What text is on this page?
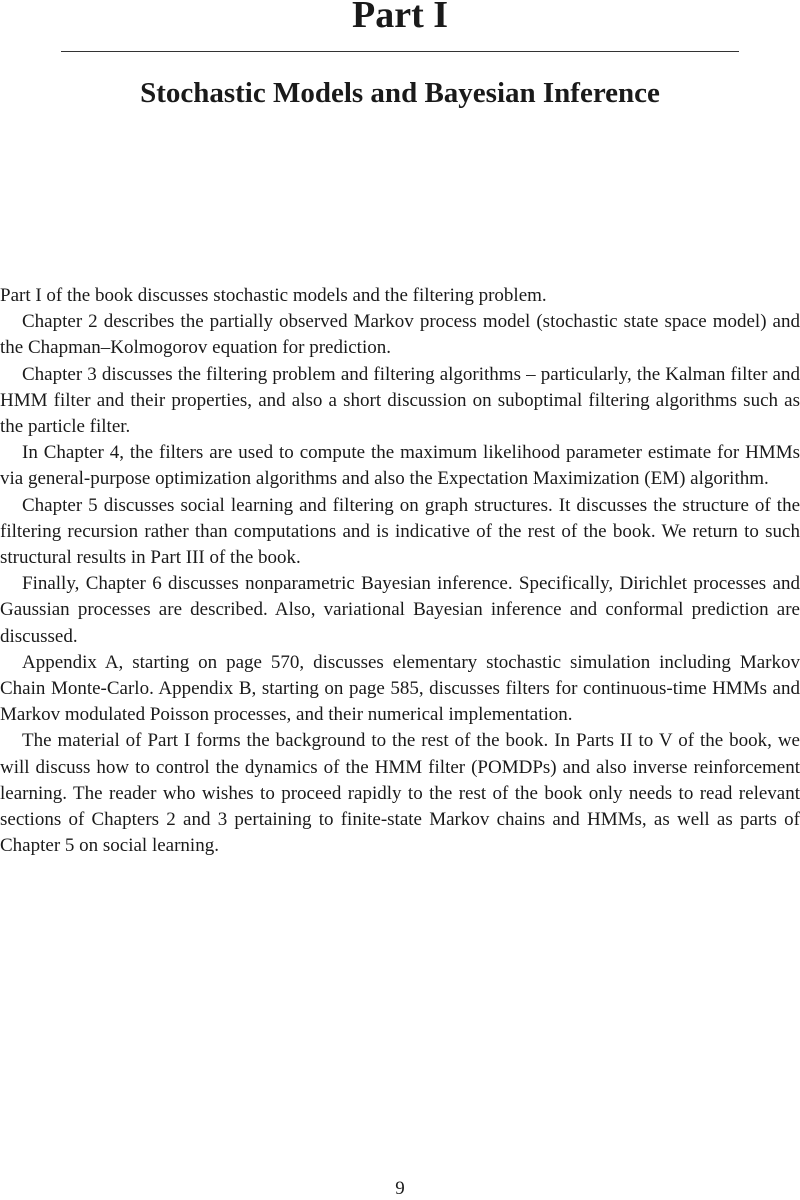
Part I
Stochastic Models and Bayesian Inference

Part I of the book discusses stochastic models and the filtering problem.

Chapter 2 describes the partially observed Markov process model (stochastic state space model) and the Chapman–Kolmogorov equation for prediction.

Chapter 3 discusses the filtering problem and filtering algorithms – particularly, the Kalman filter and HMM filter and their properties, and also a short discussion on suboptimal filtering algorithms such as the particle filter.

In Chapter 4, the filters are used to compute the maximum likelihood parameter estimate for HMMs via general-purpose optimization algorithms and also the Expectation Maximization (EM) algorithm.

Chapter 5 discusses social learning and filtering on graph structures. It discusses the structure of the filtering recursion rather than computations and is indicative of the rest of the book. We return to such structural results in Part III of the book.

Finally, Chapter 6 discusses nonparametric Bayesian inference. Specifically, Dirichlet processes and Gaussian processes are described. Also, variational Bayesian inference and conformal prediction are discussed.

Appendix A, starting on page 570, discusses elementary stochastic simulation including Markov Chain Monte-Carlo. Appendix B, starting on page 585, discusses filters for continuous-​time HMMs and Markov modulated Poisson processes, and their numerical implementation.

The material of Part I forms the background to the rest of the book. In Parts II to V of the book, we will discuss how to control the dynamics of the HMM filter (POMDPs) and also inverse reinforcement learning. The reader who wishes to proceed rapidly to the rest of the book only needs to read relevant sections of Chapters 2 and 3 pertaining to finite-state Markov chains and HMMs, as well as parts of Chapter 5 on social learning.

9
